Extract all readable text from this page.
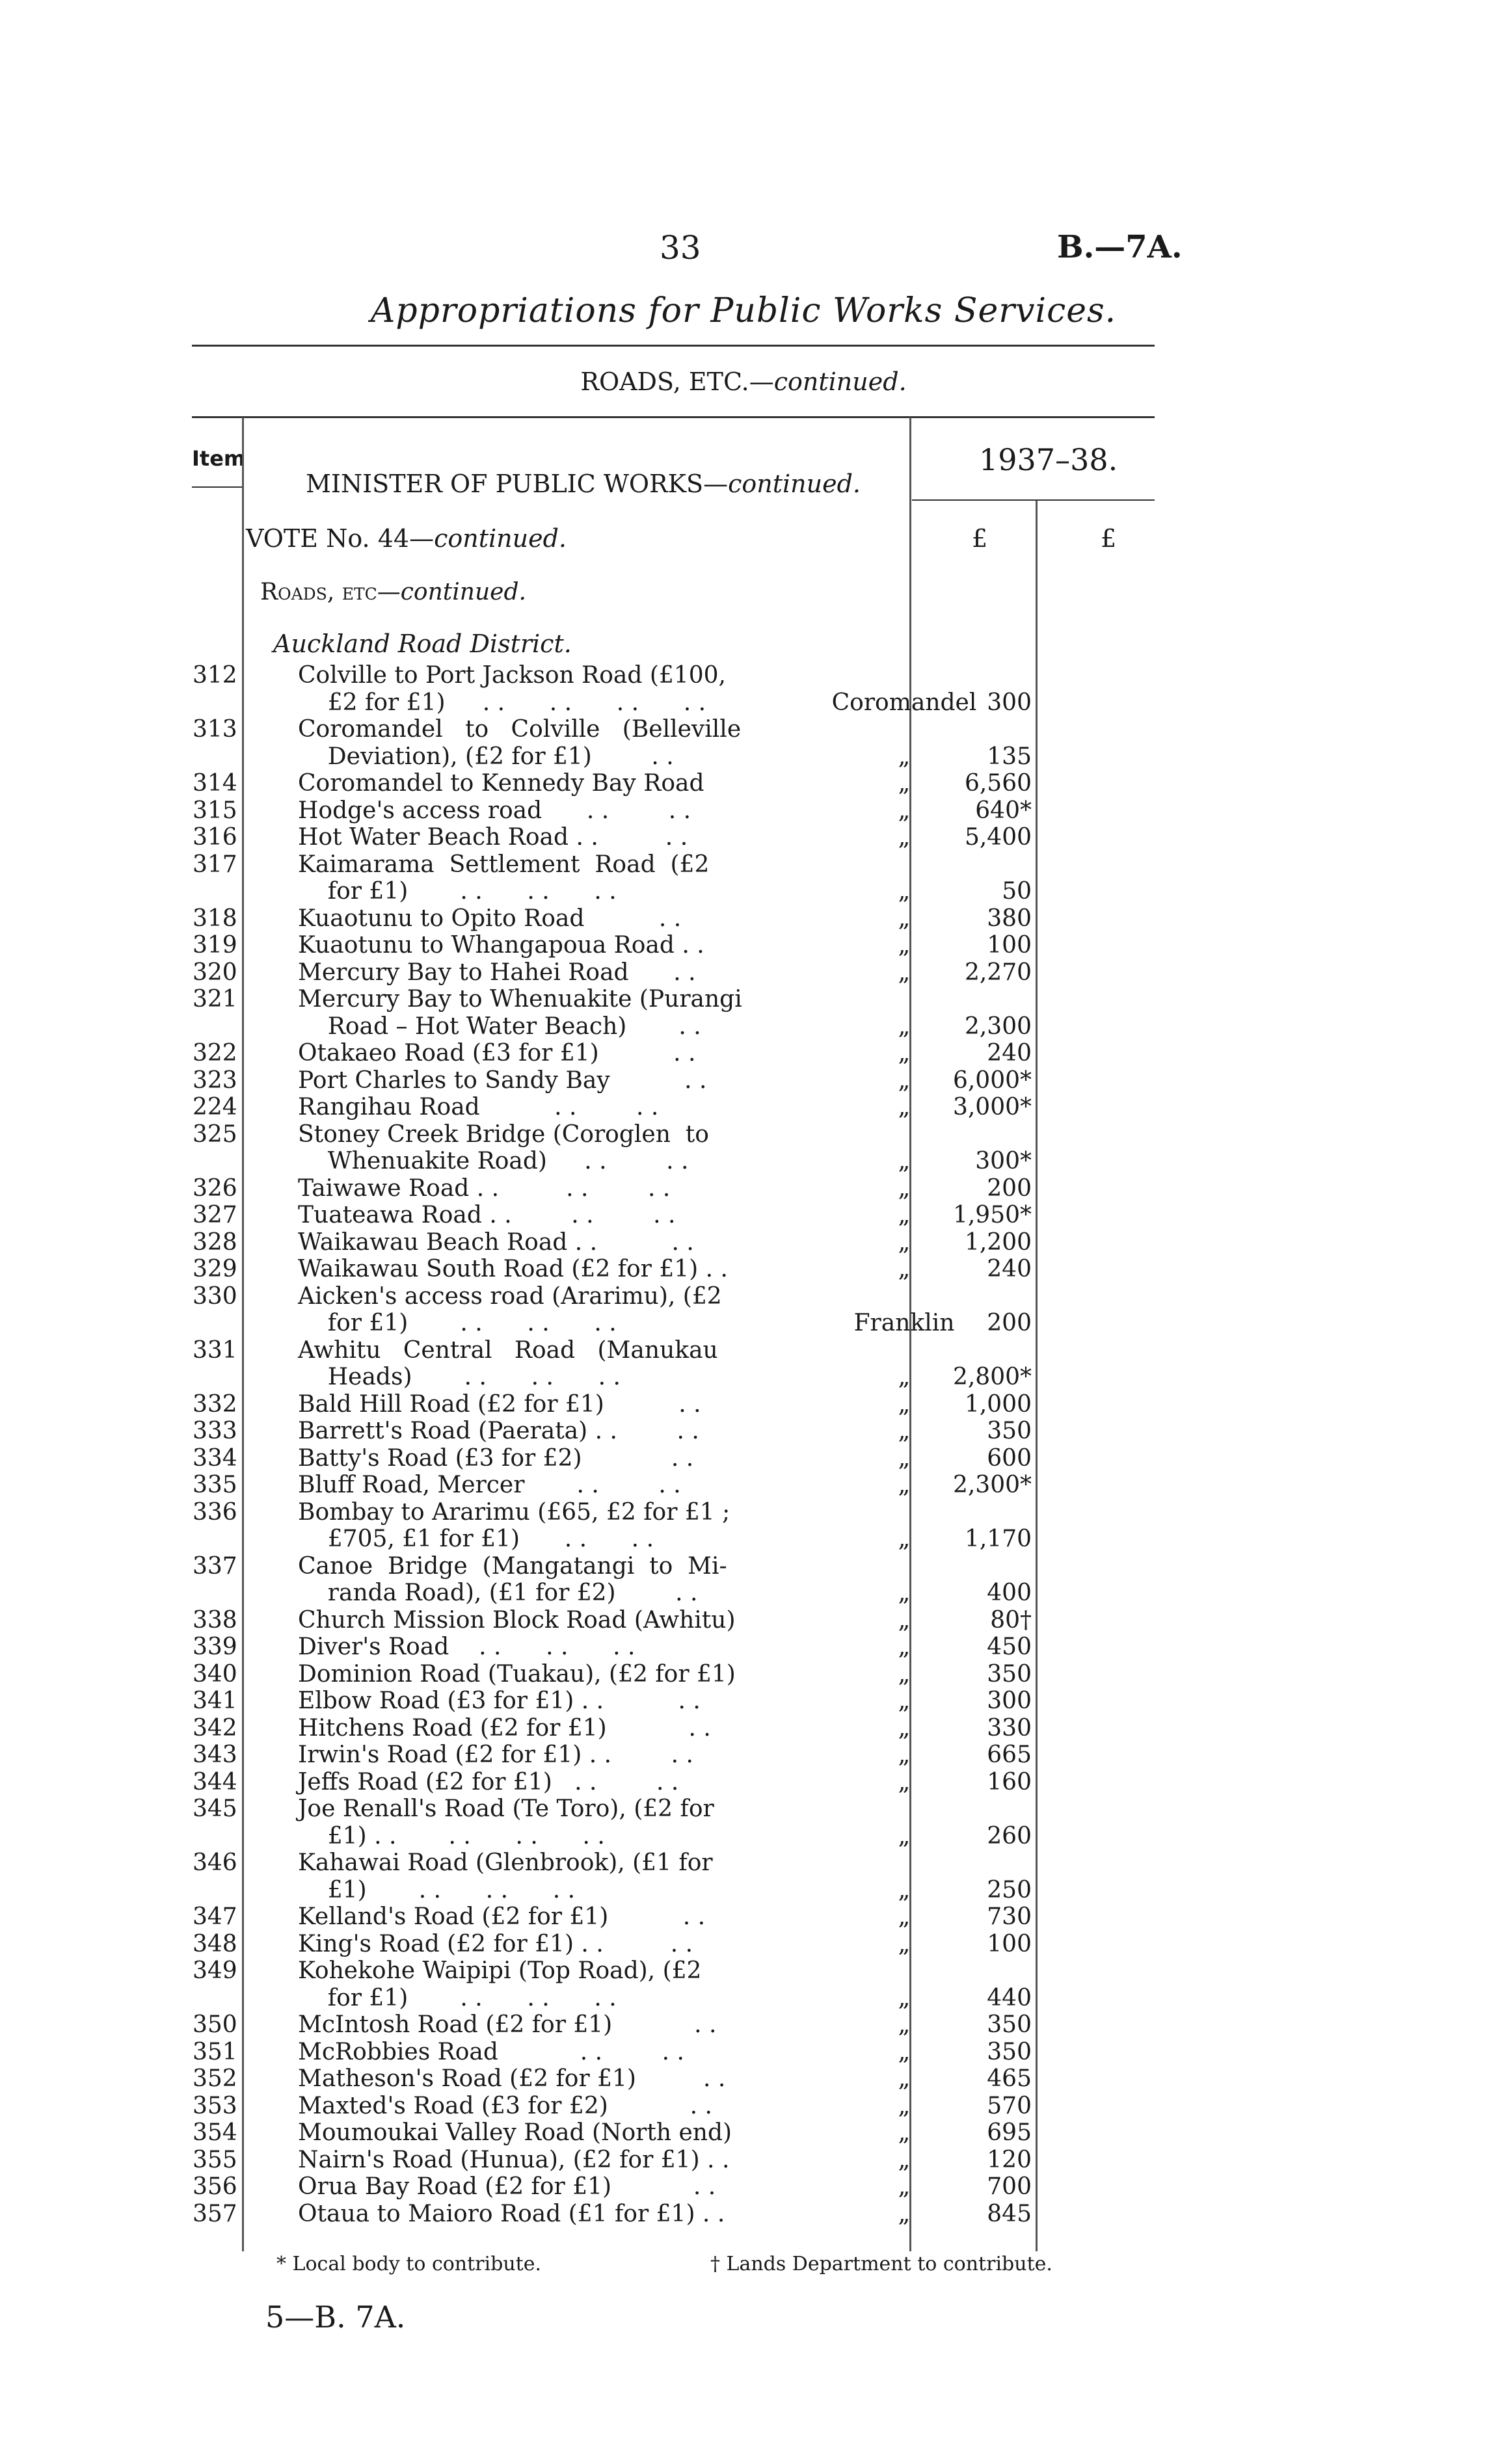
33	B.—7A.
Appropriations for Public Works Services.
ROADS, ETC.—continued.
Item
MINISTER OF PUBLIC WORKS—continued.
1937–38.
VOTE No. 44—continued.	£	£
Roads, etc—continued.
Auckland Road District.
312	Colville to Port Jackson Road (£100,
£2 for £1)     . .      . .      . .      . .	Coromandel 300
313	Coromandel   to   Colville   (Belleville
Deviation), (£2 for £1)        . .	„	135
314	Coromandel to Kennedy Bay Road	„	6,560
315	Hodge's access road      . .        . .	„	640*
316	Hot Water Beach Road . .         . .	„	5,400
317	Kaimarama  Settlement  Road  (£2
for £1)       . .      . .      . .	„	50
318	Kuaotunu to Opito Road          . .	„	380
319	Kuaotunu to Whangapoua Road . .	„	100
320	Mercury Bay to Hahei Road      . .	„	2,270
321	Mercury Bay to Whenuakite (Purangi
Road – Hot Water Beach)       . .	„	2,300
322	Otakaeo Road (£3 for £1)          . .	„	240
323	Port Charles to Sandy Bay          . .	„	6,000*
224	Rangihau Road          . .        . .	„	3,000*
325	Stoney Creek Bridge (Coroglen  to
Whenuakite Road)     . .        . .	„	300*
326	Taiwawe Road . .         . .        . .	„	200
327	Tuateawa Road . .        . .        . .	„	1,950*
328	Waikawau Beach Road . .          . .	„	1,200
329	Waikawau South Road (£2 for £1) . .	„	240
330	Aicken's access road (Ararimu), (£2
for £1)       . .      . .      . .	Franklin	200
331	Awhitu   Central   Road   (Manukau
Heads)       . .      . .      . .	„	2,800*
332	Bald Hill Road (£2 for £1)          . .	„	1,000
333	Barrett's Road (Paerata) . .        . .	„	350
334	Batty's Road (£3 for £2)            . .	„	600
335	Bluff Road, Mercer       . .        . .	„	2,300*
336	Bombay to Ararimu (£65, £2 for £1 ;
£705, £1 for £1)      . .      . .	„	1,170
337	Canoe  Bridge  (Mangatangi  to  Mi-
randa Road), (£1 for £2)        . .	„	400
338	Church Mission Block Road (Awhitu)	„	80†
339	Diver's Road    . .      . .      . .	„	450
340	Dominion Road (Tuakau), (£2 for £1)	„	350
341	Elbow Road (£3 for £1) . .          . .	„	300
342	Hitchens Road (£2 for £1)           . .	„	330
343	Irwin's Road (£2 for £1) . .        . .	„	665
344	Jeffs Road (£2 for £1)   . .        . .	„	160
345	Joe Renall's Road (Te Toro), (£2 for
£1) . .       . .      . .      . .	„	260
346	Kahawai Road (Glenbrook), (£1 for
£1)       . .      . .      . .	„	250
347	Kelland's Road (£2 for £1)          . .	„	730
348	King's Road (£2 for £1) . .         . .	„	100
349	Kohekohe Waipipi (Top Road), (£2
for £1)       . .      . .      . .	„	440
350	McIntosh Road (£2 for £1)           . .	„	350
351	McRobbies Road           . .        . .	„	350
352	Matheson's Road (£2 for £1)         . .	„	465
353	Maxted's Road (£3 for £2)           . .	„	570
354	Moumoukai Valley Road (North end)	„	695
355	Nairn's Road (Hunua), (£2 for £1) . .	„	120
356	Orua Bay Road (£2 for £1)           . .	„	700
357	Otaua to Maioro Road (£1 for £1) . .	„	845
* Local body to contribute.	† Lands Department to contribute.
5—B. 7A.
